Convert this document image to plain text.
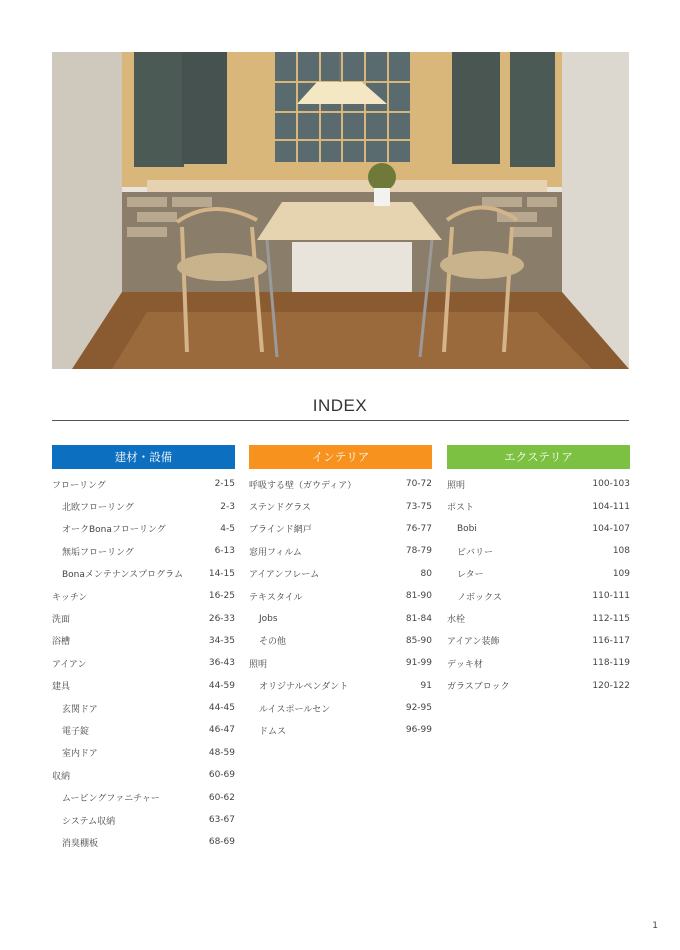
INDEX
建材・設備
フローリング	2-15
北欧フローリング	2-3
オークBonaフローリング	4-5
無垢フローリング	6-13
Bonaメンテナンスプログラム	14-15
キッチン	16-25
洗面	26-33
浴槽	34-35
アイアン	36-43
建具	44-59
玄関ドア	44-45
電子錠	46-47
室内ドア	48-59
収納	60-69
ムービングファニチャー	60-62
システム収納	63-67
消臭棚板	68-69
インテリア
呼吸する壁（ガウディア）	70-72
ステンドグラス	73-75
ブラインド網戸	76-77
窓用フィルム	78-79
アイアンフレーム	80
テキスタイル	81-90
Jobs	81-84
その他	85-90
照明	91-99
オリジナルペンダント	91
ルイスポールセン	92-95
ドムス	96-99
エクステリア
照明	100-103
ポスト	104-111
Bobi	104-107
ビバリー	108
レター	109
ノボックス	110-111
水栓	112-115
アイアン装飾	116-117
デッキ材	118-119
ガラスブロック	120-122
1
